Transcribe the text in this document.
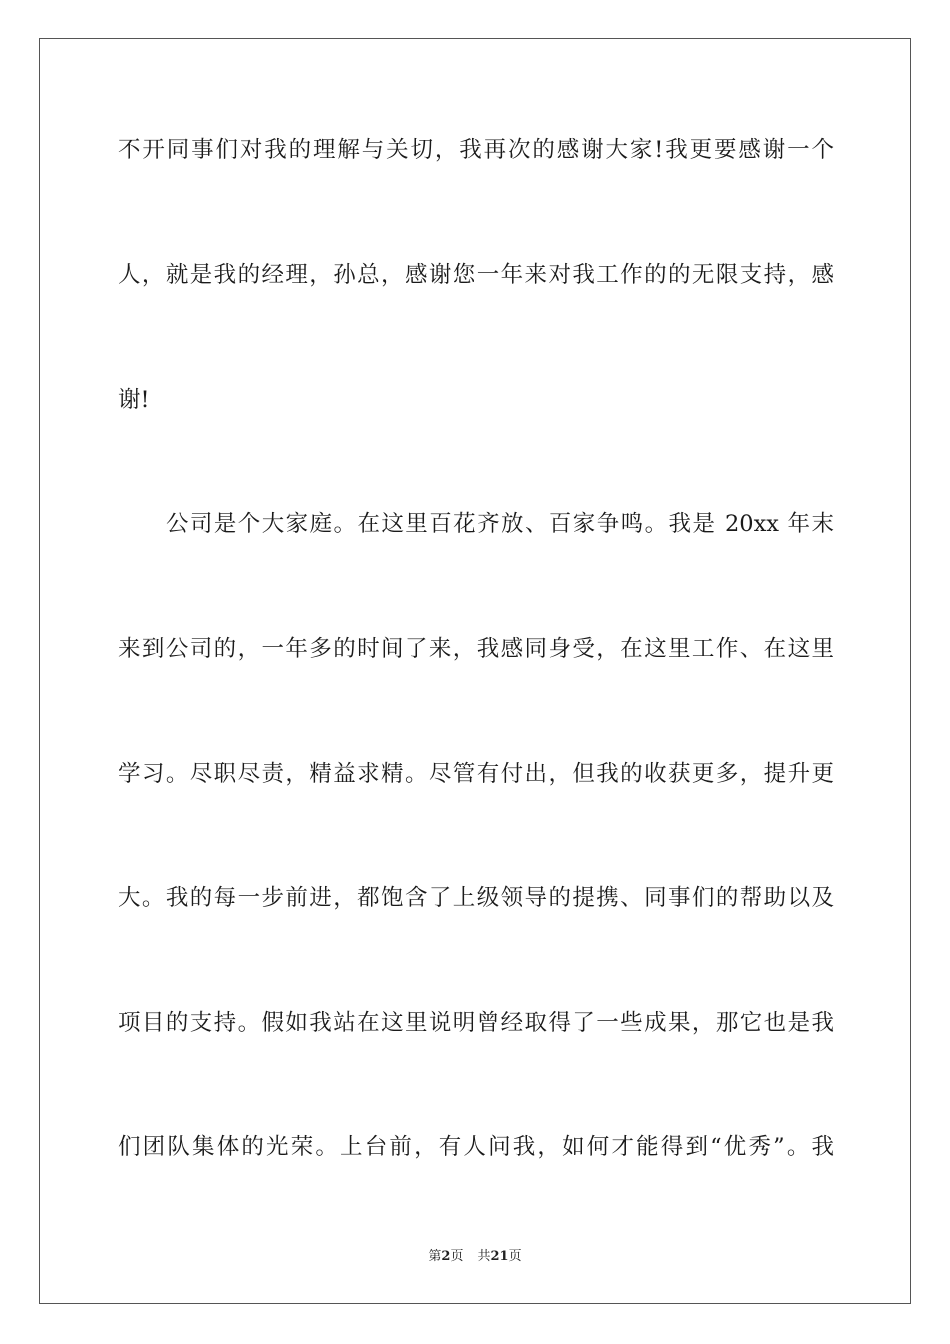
不开同事们对我的理解与关切，我再次的感谢大家!我更要感谢一个
人，就是我的经理，孙总，感谢您一年来对我工作的的无限支持，感
谢!
公司是个大家庭。在这里百花齐放、百家争鸣。我是 20xx 年末
来到公司的，一年多的时间了来，我感同身受，在这里工作、在这里
学习。尽职尽责，精益求精。尽管有付出，但我的收获更多，提升更
大。我的每一步前进，都饱含了上级领导的提携、同事们的帮助以及
项目的支持。假如我站在这里说明曾经取得了一些成果，那它也是我
们团队集体的光荣。上台前，有人问我，如何才能得到“优秀”。我
第2页 共21页
